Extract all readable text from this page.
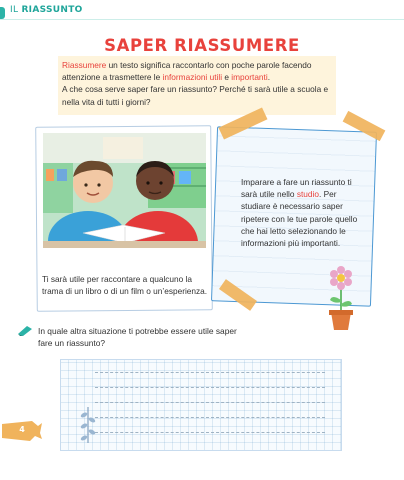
IL RIASSUNTO
SAPER RIASSUMERE
Riassumere un testo significa raccontarlo con poche parole facendo attenzione a trasmettere le informazioni utili e importanti.
A che cosa serve saper fare un riassunto? Perché ti sarà utile a scuola e nella vita di tutti i giorni?
Ti sarà utile per raccontare a qualcuno la trama di un libro o di un film o un’esperienza.
Imparare a fare un riassunto ti sarà utile nello studio. Per studiare è necessario saper ripetere con le tue parole quello che hai letto selezionando le informazioni più importanti.
In quale altra situazione ti potrebbe essere utile saper fare un riassunto?
4
